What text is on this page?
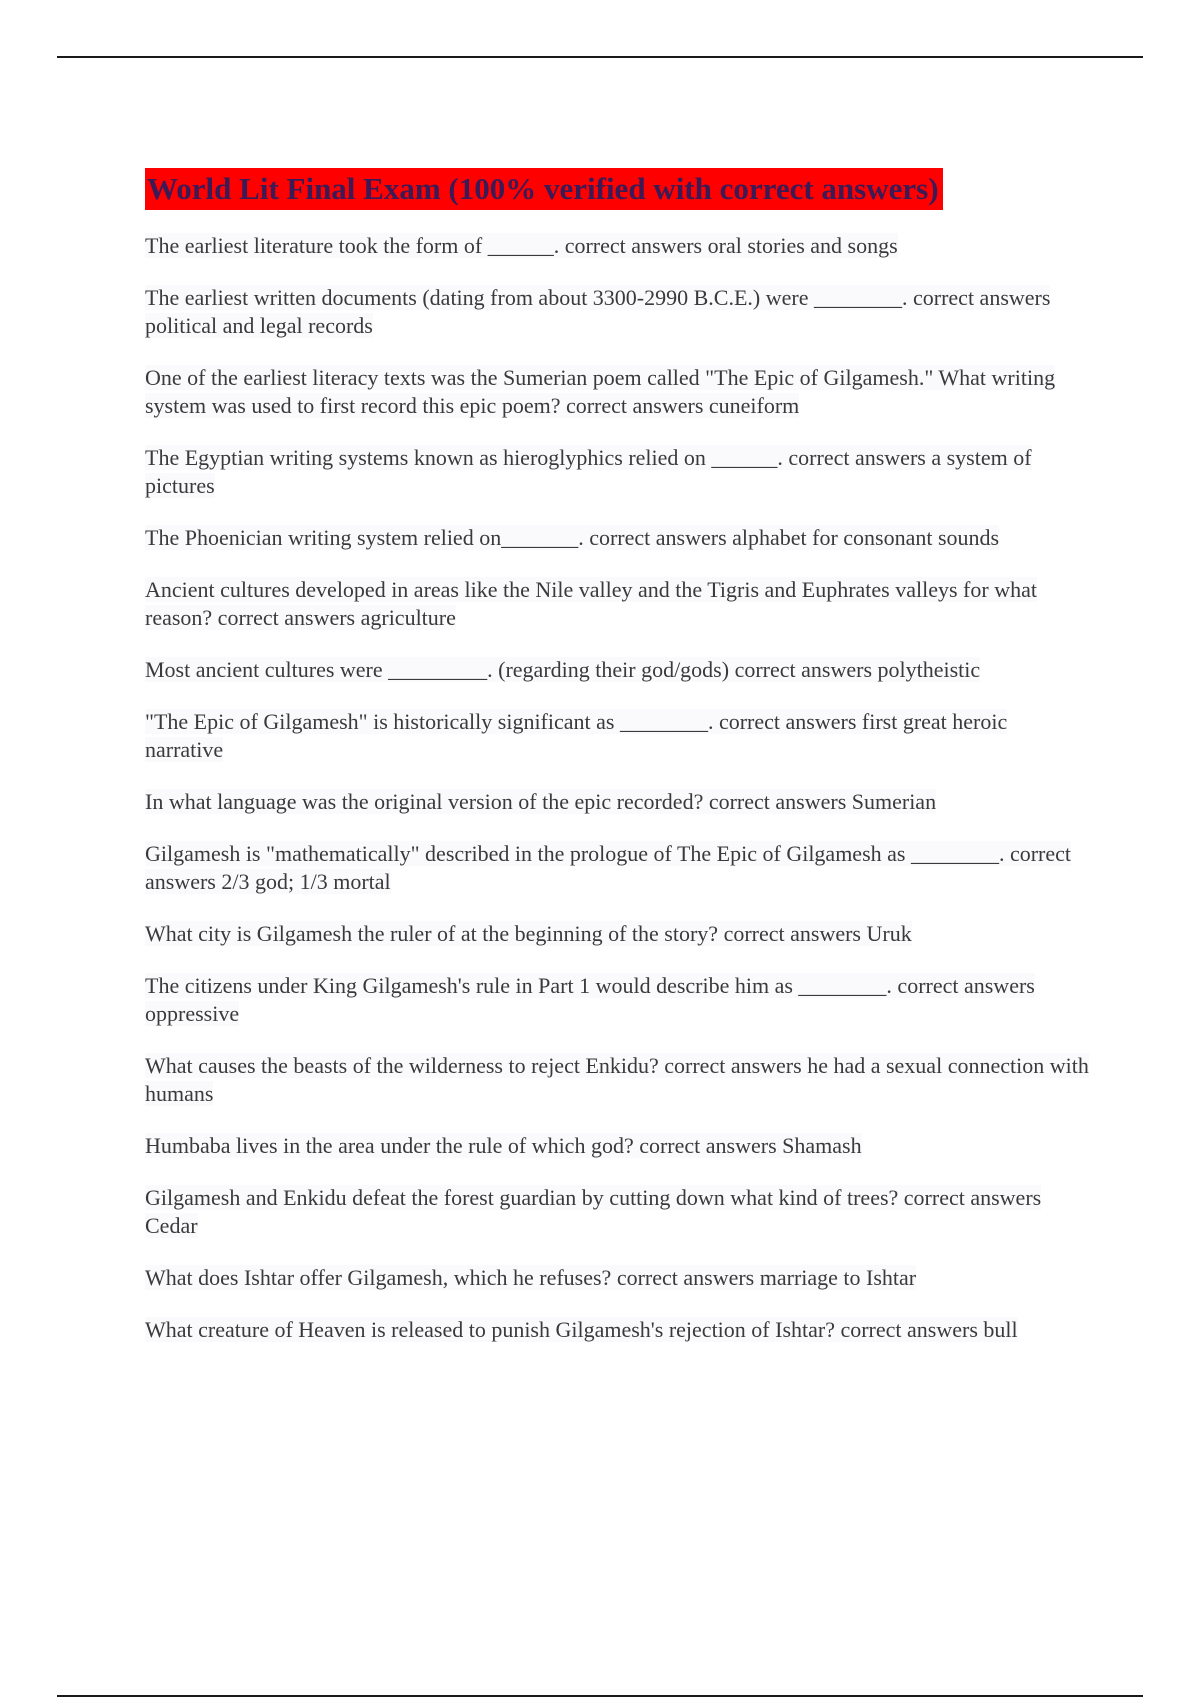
World Lit Final Exam (100% verified with correct answers)

The earliest literature took the form of ______. correct answers oral stories and songs

The earliest written documents (dating from about 3300-2990 B.C.E.) were ________. correct answers political and legal records

One of the earliest literacy texts was the Sumerian poem called "The Epic of Gilgamesh." What writing system was used to first record this epic poem? correct answers cuneiform

The Egyptian writing systems known as hieroglyphics relied on ______. correct answers a system of pictures

The Phoenician writing system relied on_______. correct answers alphabet for consonant sounds

Ancient cultures developed in areas like the Nile valley and the Tigris and Euphrates valleys for what reason? correct answers agriculture

Most ancient cultures were _________. (regarding their god/gods) correct answers polytheistic

"The Epic of Gilgamesh" is historically significant as ________. correct answers first great heroic narrative

In what language was the original version of the epic recorded? correct answers Sumerian

Gilgamesh is "mathematically" described in the prologue of The Epic of Gilgamesh as ________. correct answers 2/3 god; 1/3 mortal

What city is Gilgamesh the ruler of at the beginning of the story? correct answers Uruk

The citizens under King Gilgamesh's rule in Part 1 would describe him as ________. correct answers oppressive

What causes the beasts of the wilderness to reject Enkidu? correct answers he had a sexual connection with humans

Humbaba lives in the area under the rule of which god? correct answers Shamash

Gilgamesh and Enkidu defeat the forest guardian by cutting down what kind of trees? correct answers Cedar

What does Ishtar offer Gilgamesh, which he refuses? correct answers marriage to Ishtar

What creature of Heaven is released to punish Gilgamesh's rejection of Ishtar? correct answers bull
